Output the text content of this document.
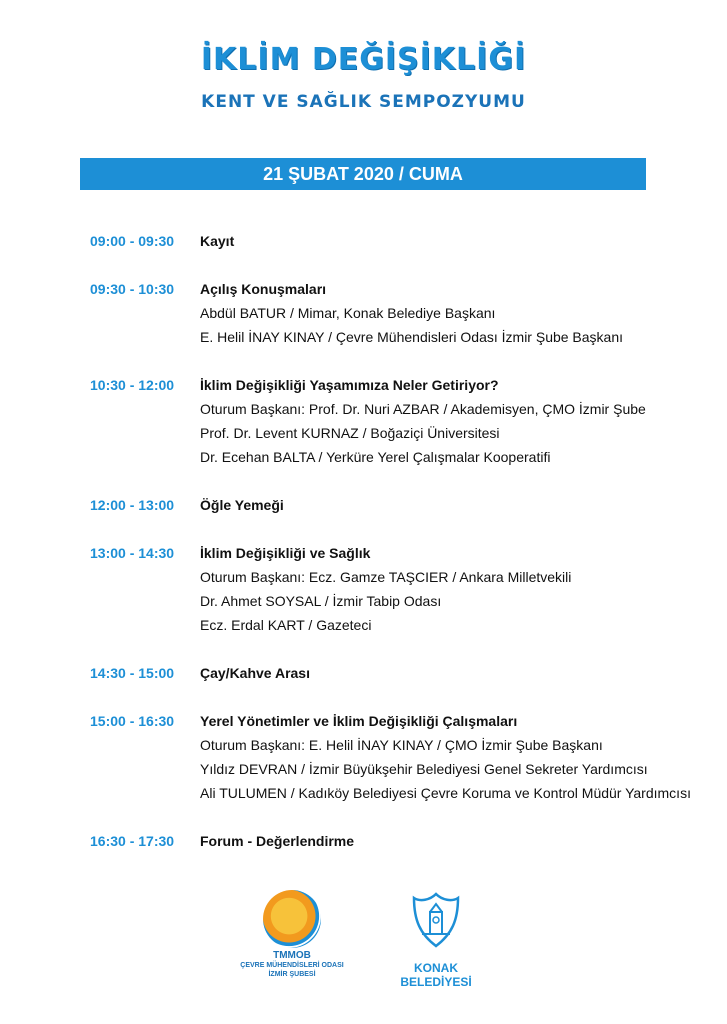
İKLİM DEĞİŞİKLİĞİ
KENT VE SAĞLIK SEMPOZYUMU
21 ŞUBAT 2020 / CUMA
09:00 - 09:30	Kayıt
09:30 - 10:30	Açılış Konuşmaları
Abdül BATUR / Mimar, Konak Belediye Başkanı
E. Helil İNAY KINAY / Çevre Mühendisleri Odası İzmir Şube Başkanı
10:30 - 12:00	İklim Değişikliği Yaşamımıza Neler Getiriyor?
Oturum Başkanı: Prof. Dr. Nuri AZBAR / Akademisyen, ÇMO İzmir Şube
Prof. Dr. Levent KURNAZ / Boğaziçi Üniversitesi
Dr. Ecehan BALTA / Yerküre Yerel Çalışmalar Kooperatifi
12:00 - 13:00	Öğle Yemeği
13:00 - 14:30	İklim Değişikliği ve Sağlık
Oturum Başkanı: Ecz. Gamze TAŞCIER / Ankara Milletvekili
Dr. Ahmet SOYSAL / İzmir Tabip Odası
Ecz. Erdal KART / Gazeteci
14:30 - 15:00	Çay/Kahve Arası
15:00 - 16:30	Yerel Yönetimler ve İklim Değişikliği Çalışmaları
Oturum Başkanı: E. Helil İNAY KINAY / ÇMO İzmir Şube Başkanı
Yıldız DEVRAN / İzmir Büyükşehir Belediyesi Genel Sekreter Yardımcısı
Ali TULUMEN / Kadıköy Belediyesi Çevre Koruma ve Kontrol Müdür Yardımcısı
16:30 - 17:30	Forum - Değerlendirme
TMMOB
ÇEVRE MÜHENDİSLERİ ODASI
İZMİR ŞUBESİ	KONAK BELEDİYESİ
